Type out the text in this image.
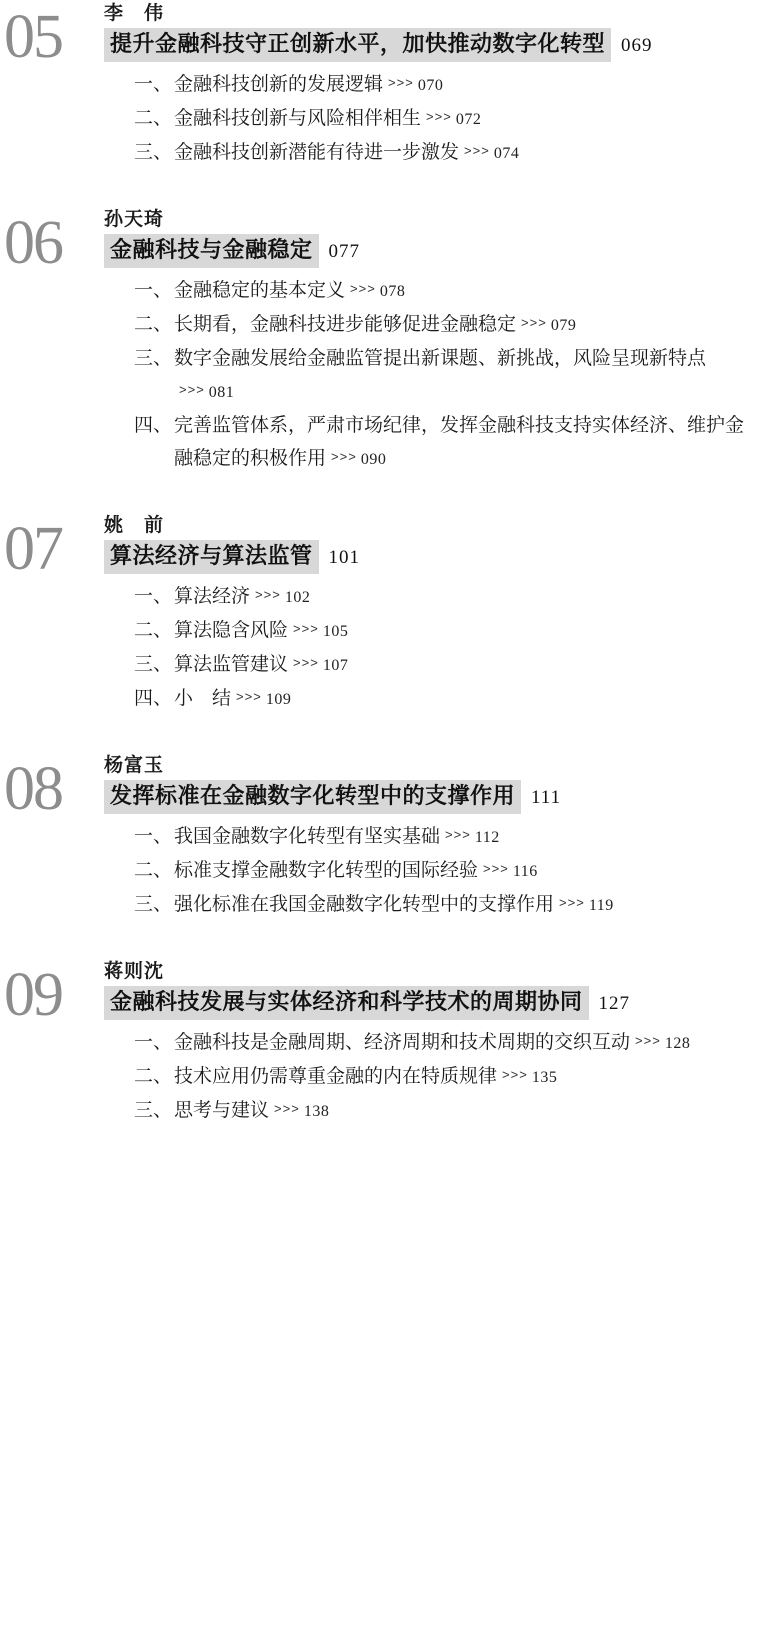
05 李　伟
提升金融科技守正创新水平，加快推动数字化转型 069
一、 金融科技创新的发展逻辑 >>> 070
二、 金融科技创新与风险相伴相生 >>> 072
三、 金融科技创新潜能有待进一步激发 >>> 074
06 孙天琦
金融科技与金融稳定 077
一、 金融稳定的基本定义 >>> 078
二、 长期看，金融科技进步能够促进金融稳定 >>> 079
三、 数字金融发展给金融监管提出新课题、新挑战，风险呈现新特点>>> 081
四、 完善监管体系，严肃市场纪律，发挥金融科技支持实体经济、维护金融稳定的积极作用 >>> 090
07 姚　前
算法经济与算法监管 101
一、 算法经济 >>> 102
二、 算法隐含风险 >>> 105
三、 算法监管建议 >>> 107
四、 小　结 >>> 109
08 杨富玉
发挥标准在金融数字化转型中的支撑作用 111
一、 我国金融数字化转型有坚实基础 >>> 112
二、 标准支撑金融数字化转型的国际经验 >>> 116
三、 强化标准在我国金融数字化转型中的支撑作用 >>> 119
09 蒋则沈
金融科技发展与实体经济和科学技术的周期协同 127
一、 金融科技是金融周期、经济周期和技术周期的交织互动 >>> 128
二、 技术应用仍需尊重金融的内在特质规律 >>> 135
三、 思考与建议 >>> 138
